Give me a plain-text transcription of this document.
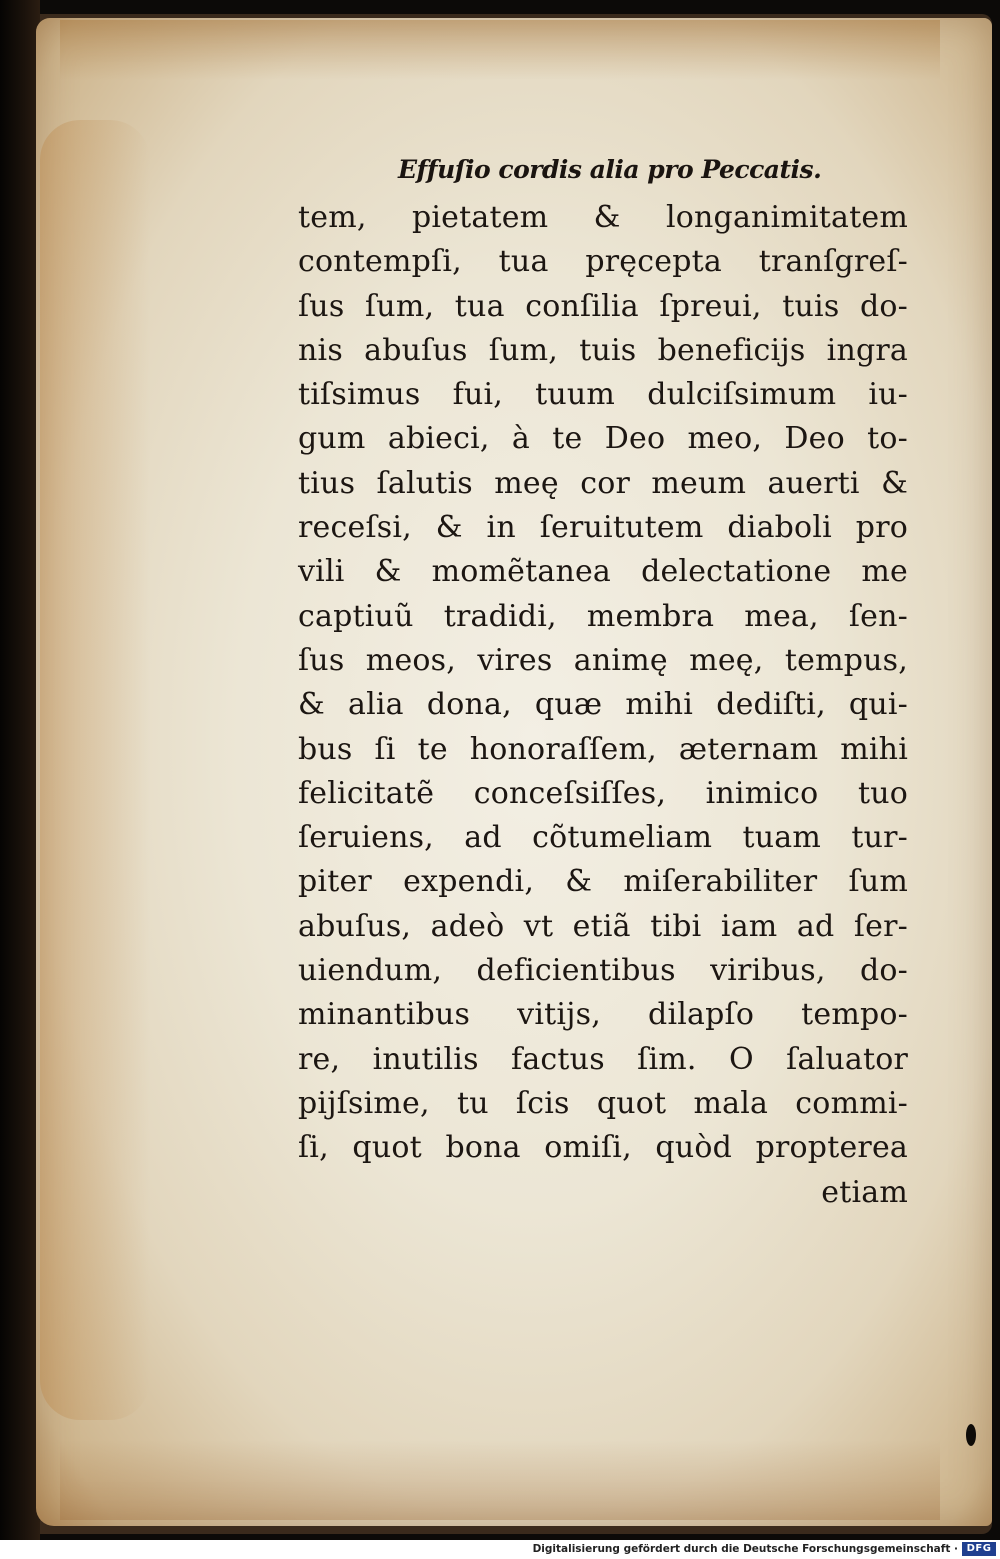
Effuſio cordis alia pro Peccatis.
tem, pietatem & longanimitatem
contempſi, tua pręcepta tranſgreſ-
ſus ſum, tua conſilia ſpreui, tuis do-
nis abuſus ſum, tuis beneficijs ingra
tiſsimus fui, tuum dulciſsimum iu-
gum abieci, à te Deo meo, Deo to-
tius ſalutis meę cor meum auerti &
receſsi, & in ſeruitutem diaboli pro
vili & momẽtanea delectatione me
captiuũ tradidi, membra mea, ſen-
ſus meos, vires animę meę, tempus,
& alia dona, quæ mihi dediſti, qui-
bus ſi te honoraſſem, æternam mihi
felicitatẽ conceſsiſſes, inimico tuo
ſeruiens, ad cõtumeliam tuam tur-
piter expendi, & miſerabiliter ſum
abuſus, adeò vt etiã tibi iam ad ſer-
uiendum, deficientibus viribus, do-
minantibus vitijs, dilapſo tempo-
re, inutilis factus ſim. O ſaluator
pijſsime, tu ſcis quot mala commi-
ſi, quot bona omiſi, quòd propterea
etiam
Digitalisierung gefördert durch die Deutsche Forschungsgemeinschaft · DFG
